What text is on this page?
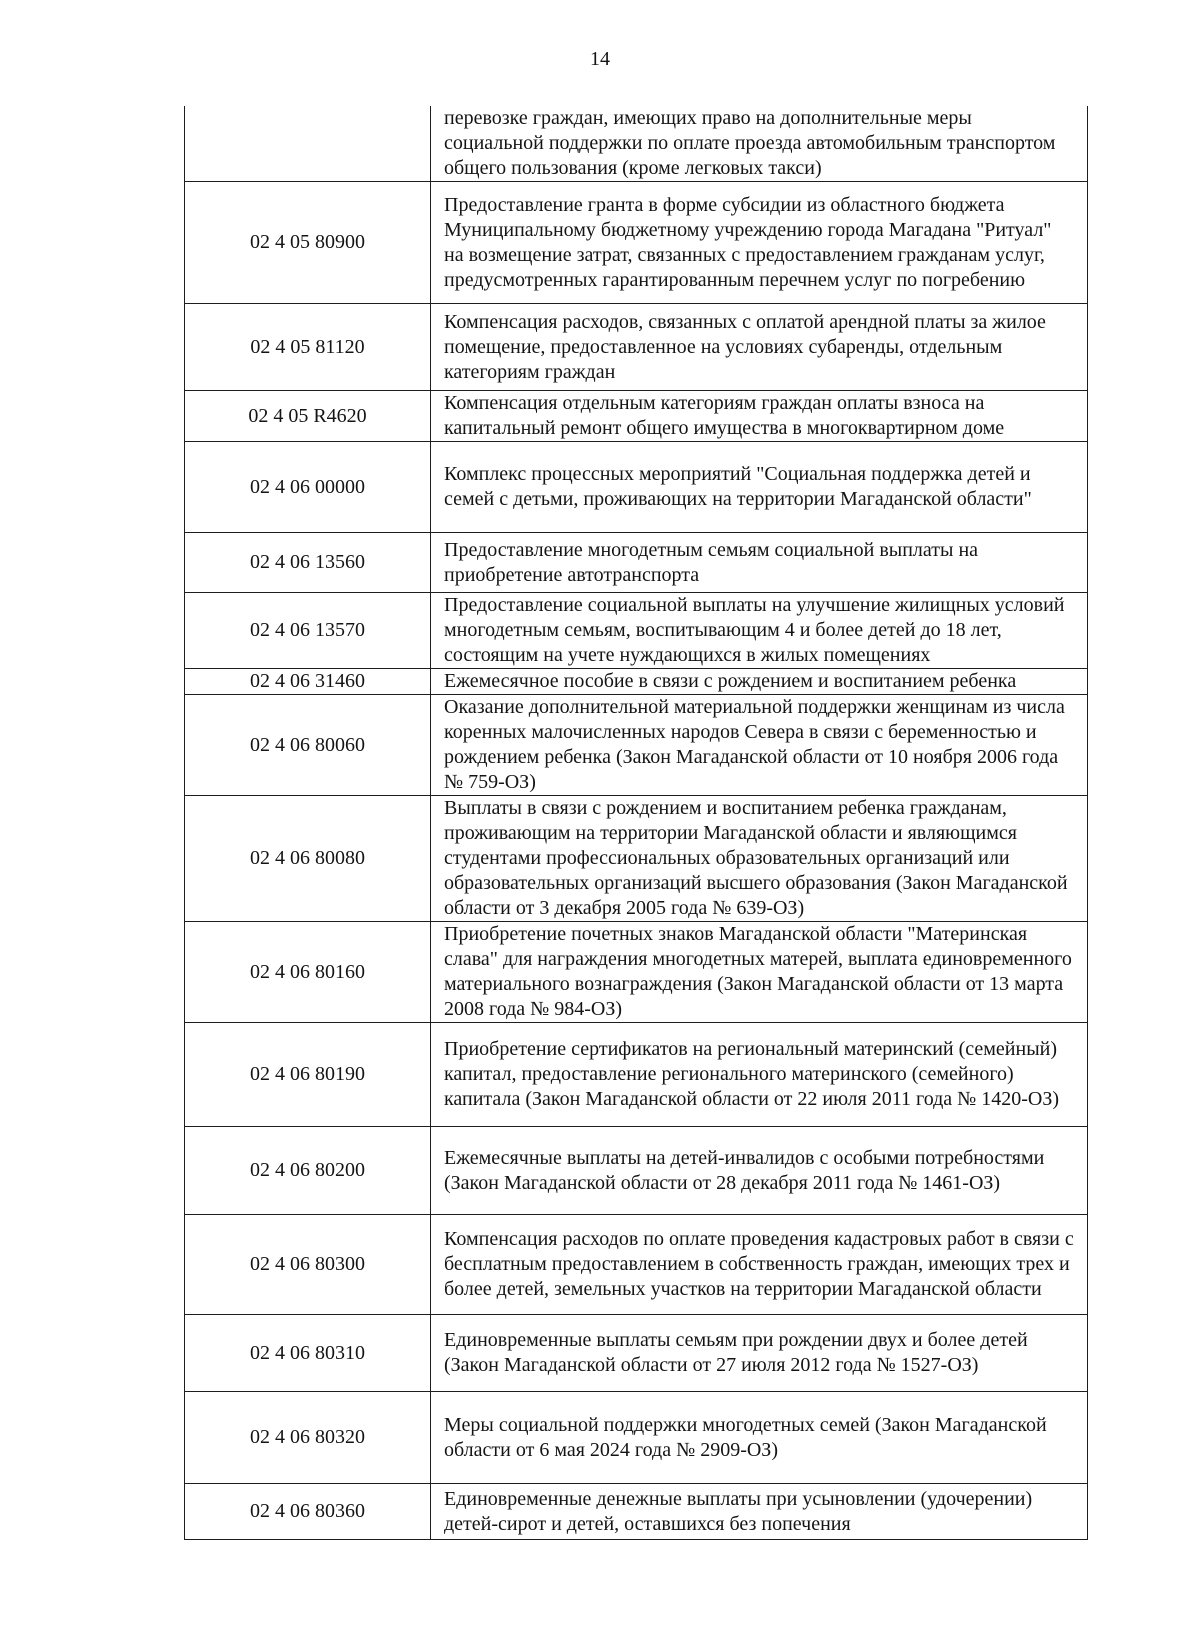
14

	перевозке граждан, имеющих право на дополнительные меры социальной поддержки по оплате проезда автомобильным транспортом общего пользования (кроме легковых такси)

02 4 05 80900	Предоставление гранта в форме субсидии из областного бюджета Муниципальному бюджетному учреждению города Магадана "Ритуал" на возмещение затрат, связанных с предоставлением гражданам услуг, предусмотренных гарантированным перечнем услуг по погребению

02 4 05 81120	Компенсация расходов, связанных с оплатой арендной платы за жилое помещение, предоставленное на условиях субаренды, отдельным категориям граждан

02 4 05 R4620	Компенсация отдельным категориям граждан оплаты взноса на капитальный ремонт общего имущества в многоквартирном доме

02 4 06 00000	Комплекс процессных мероприятий "Социальная поддержка детей и семей с детьми, проживающих на территории Магаданской области"

02 4 06 13560	Предоставление многодетным семьям социальной выплаты на приобретение автотранспорта

02 4 06 13570	Предоставление социальной выплаты на улучшение жилищных условий многодетным семьям, воспитывающим 4 и более детей до 18 лет, состоящим на учете нуждающихся в жилых помещениях

02 4 06 31460	Ежемесячное пособие в связи с рождением и воспитанием ребенка

02 4 06 80060	Оказание дополнительной материальной поддержки женщинам из числа коренных малочисленных народов Севера в связи с беременностью и рождением ребенка (Закон Магаданской области от 10 ноября 2006 года № 759-ОЗ)

02 4 06 80080	Выплаты в связи с рождением и воспитанием ребенка гражданам, проживающим на территории Магаданской области и являющимся студентами профессиональных образовательных организаций или образовательных организаций высшего образования (Закон Магаданской области от 3 декабря 2005 года № 639-ОЗ)

02 4 06 80160	Приобретение почетных знаков Магаданской области "Материнская слава" для награждения многодетных матерей, выплата единовременного материального вознаграждения (Закон Магаданской области от 13 марта 2008 года № 984-ОЗ)

02 4 06 80190	Приобретение сертификатов на региональный материнский (семейный) капитал, предоставление регионального материнского (семейного) капитала (Закон Магаданской области от 22 июля 2011 года № 1420-ОЗ)

02 4 06 80200	Ежемесячные выплаты на детей-инвалидов с особыми потребностями (Закон Магаданской области от 28 декабря 2011 года № 1461-ОЗ)

02 4 06 80300	Компенсация расходов по оплате проведения кадастровых работ в связи с бесплатным предоставлением в собственность граждан, имеющих трех и более детей, земельных участков на территории Магаданской области

02 4 06 80310	Единовременные выплаты семьям при рождении двух и более детей (Закон Магаданской области от 27 июля 2012 года № 1527-ОЗ)

02 4 06 80320	Меры социальной поддержки многодетных семей (Закон Магаданской области от 6 мая 2024 года № 2909-ОЗ)

02 4 06 80360	Единовременные денежные выплаты при усыновлении (удочерении) детей-сирот и детей, оставшихся без попечения
